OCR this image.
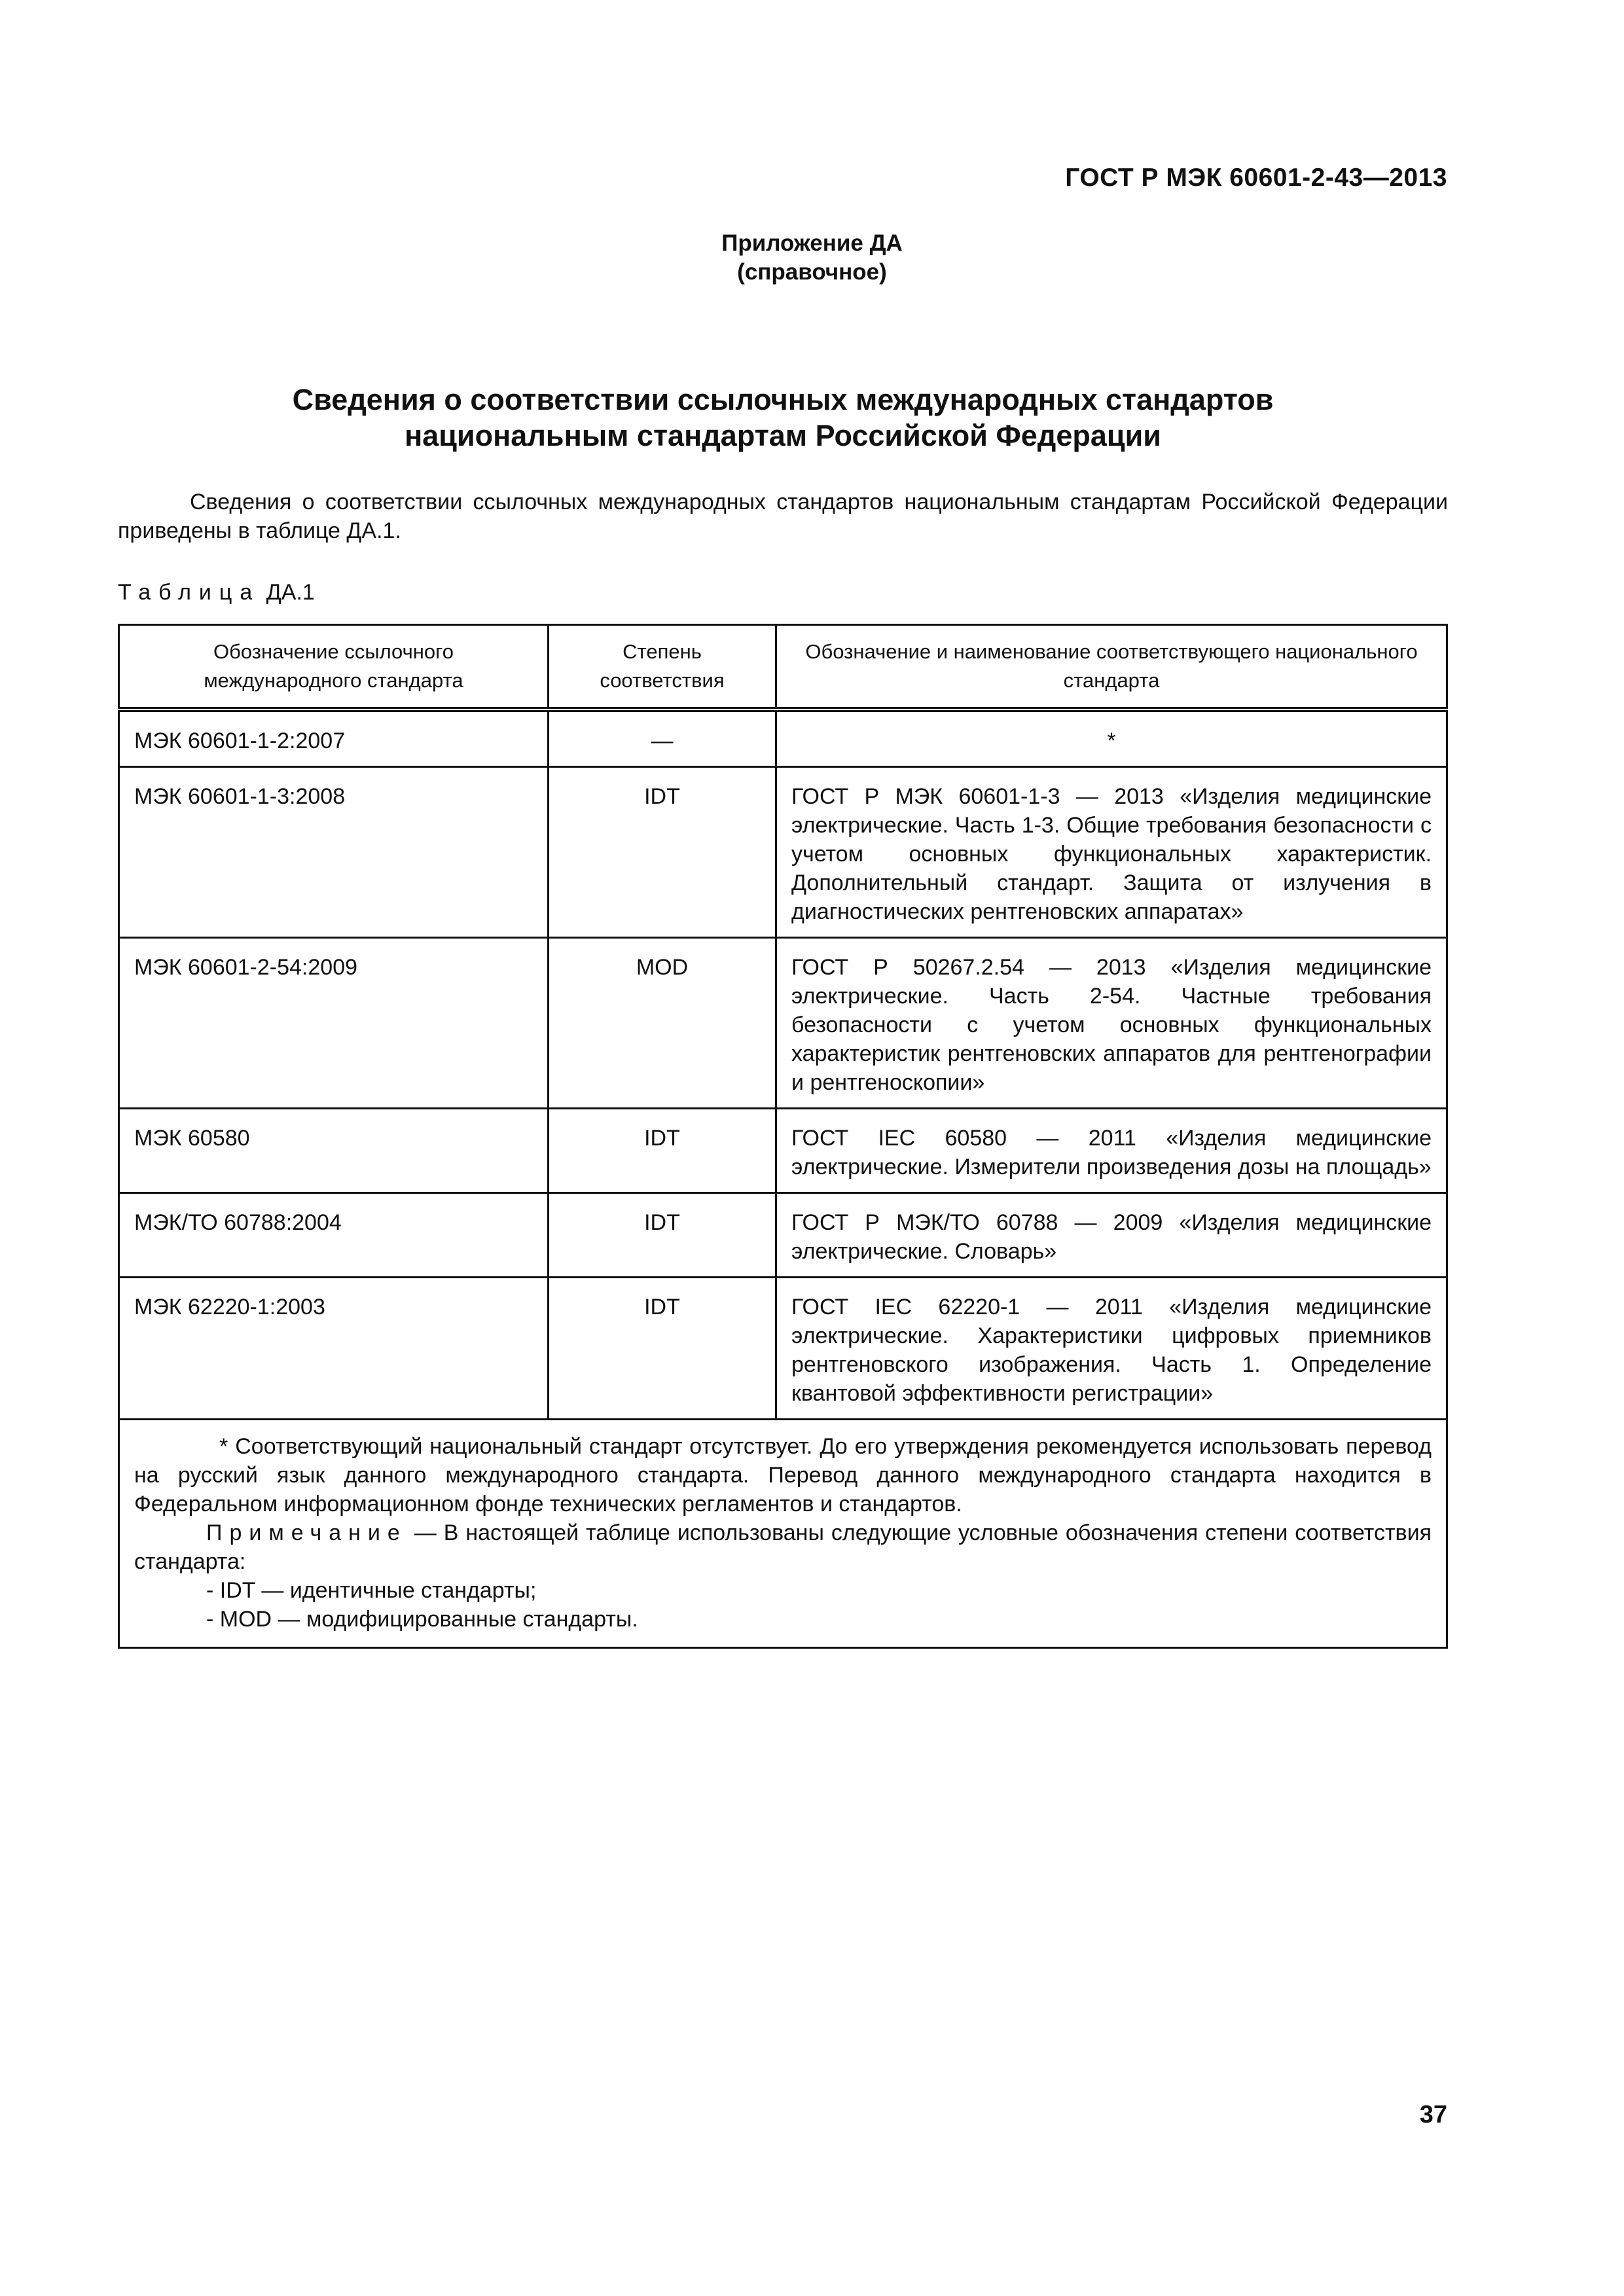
ГОСТ Р МЭК 60601-2-43—2013
Приложение ДА
(справочное)
Сведения о соответствии ссылочных международных стандартов
национальным стандартам Российской Федерации

Сведения о соответствии ссылочных международных стандартов национальным стандартам Российской Федерации приведены в таблице ДА.1.

Таблица ДА.1
Обозначение ссылочного международного стандарта	Степень соответствия	Обозначение и наименование соответствующего национального стандарта
МЭК 60601-1-2:2007	—	*
МЭК 60601-1-3:2008	IDT	ГОСТ Р МЭК 60601-1-3 — 2013 «Изделия медицинские электрические. Часть 1-3. Общие требования безопасности с учетом основных функциональных характеристик. Дополнительный стандарт. Защита от излучения в диагностических рентгеновских аппаратах»
МЭК 60601-2-54:2009	MOD	ГОСТ Р 50267.2.54 — 2013 «Изделия медицинские электрические. Часть 2-54. Частные требования безопасности с учетом основных функциональных характеристик рентгеновских аппаратов для рентгенографии и рентгеноскопии»
МЭК 60580	IDT	ГОСТ IEC 60580 — 2011 «Изделия медицинские электрические. Измерители произведения дозы на площадь»
МЭК/ТО 60788:2004	IDT	ГОСТ Р МЭК/ТО 60788 — 2009 «Изделия медицинские электрические. Словарь»
МЭК 62220-1:2003	IDT	ГОСТ IEC 62220-1 — 2011 «Изделия медицинские электрические. Характеристики цифровых приемников рентгеновского изображения. Часть 1. Определение квантовой эффективности регистрации»

* Соответствующий национальный стандарт отсутствует. До его утверждения рекомендуется использовать перевод на русский язык данного международного стандарта. Перевод данного международного стандарта находится в Федеральном информационном фонде технических регламентов и стандартов.

Примечание — В настоящей таблице использованы следующие условные обозначения степени соответствия стандарта:

- IDT — идентичные стандарты;

- MOD — модифицированные стандарты.		

37
